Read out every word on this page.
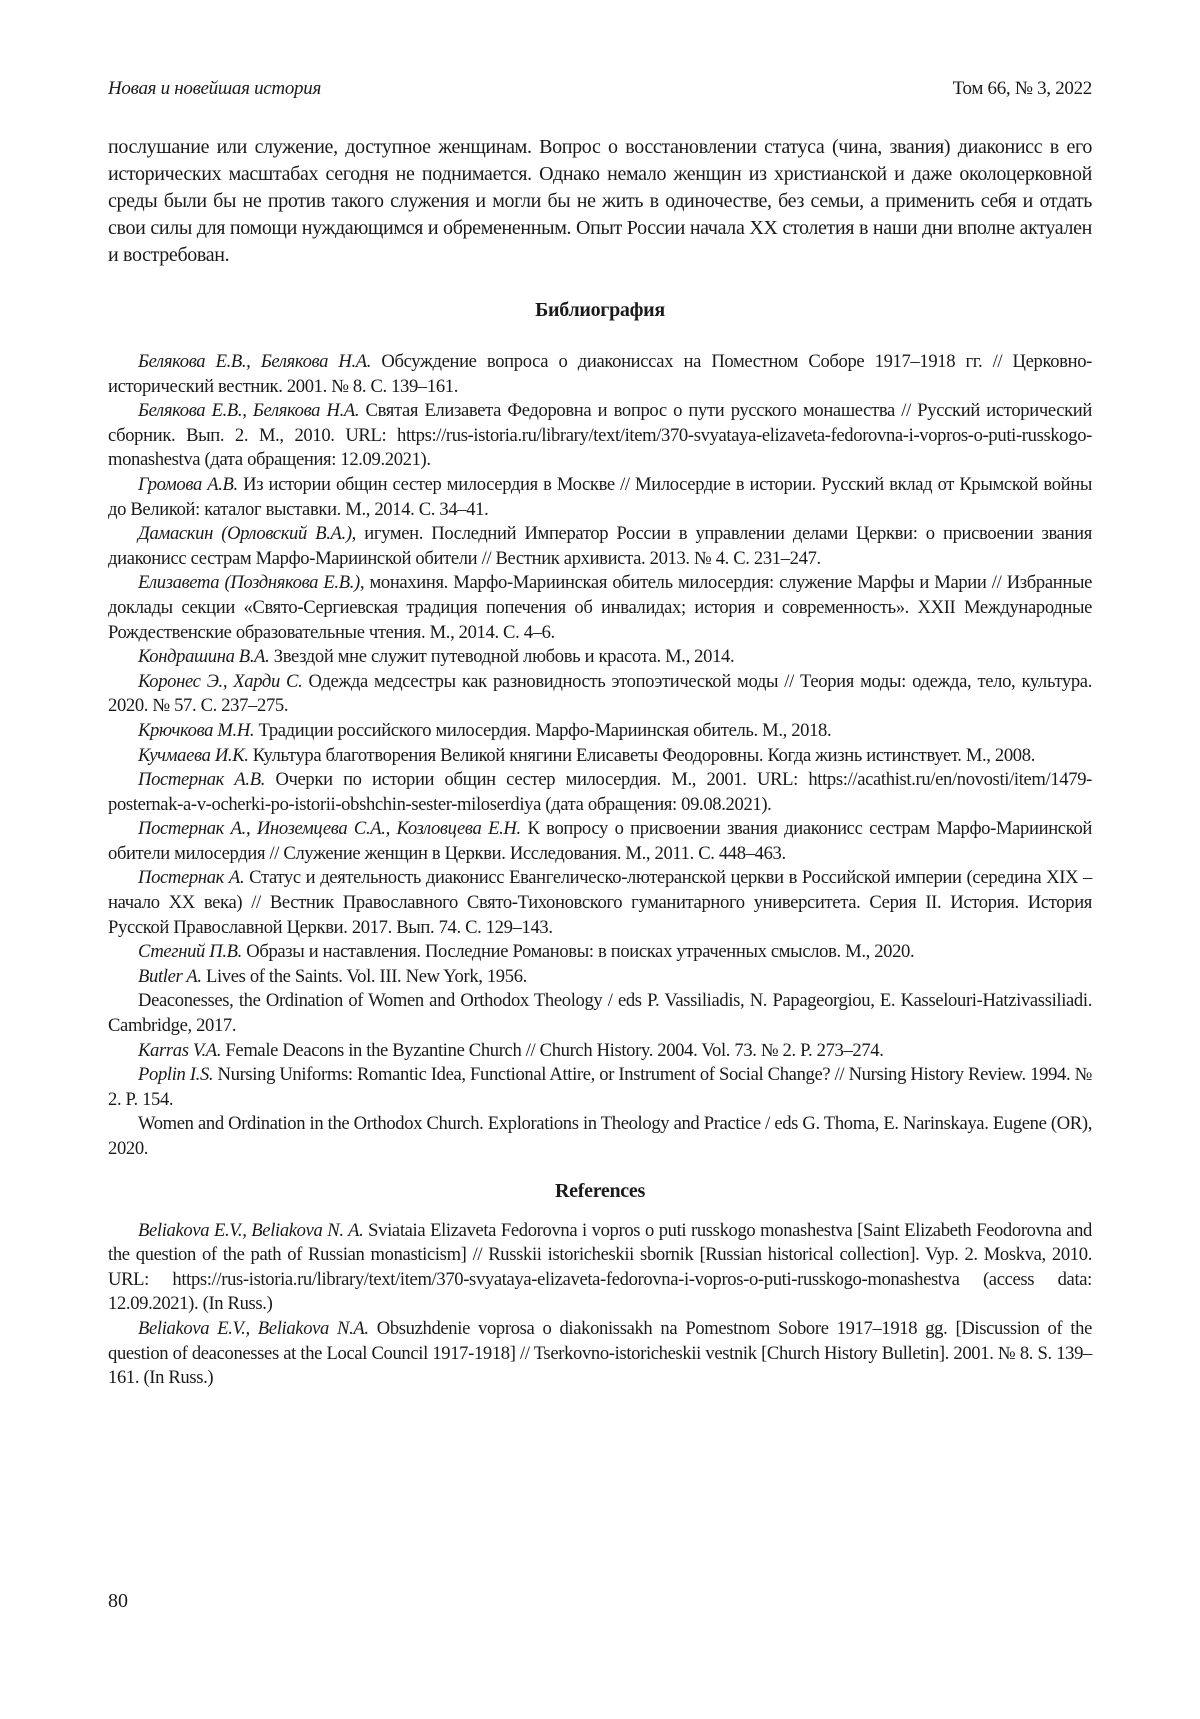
Новая и новейшая история	Том 66, № 3, 2022
послушание или служение, доступное женщинам. Вопрос о восстановлении статуса (чина, звания) диаконисс в его исторических масштабах сегодня не поднимается. Однако немало женщин из христианской и даже околоцерковной среды были бы не против такого служения и могли бы не жить в одиночестве, без семьи, а применить себя и отдать свои силы для помощи нуждающимся и обремененным. Опыт России начала XX столетия в наши дни вполне актуален и востребован.
Библиография

Белякова Е.В., Белякова Н.А. Обсуждение вопроса о диакониссах на Поместном Соборе 1917–1918 гг. // Церковно-исторический вестник. 2001. № 8. С. 139–161.

Белякова Е.В., Белякова Н.А. Святая Елизавета Федоровна и вопрос о пути русского монашества // Русский исторический сборник. Вып. 2. М., 2010. URL: https://rus-istoria.ru/library/text/item/370-svyataya-elizaveta-fedorovna-i-vopros-o-puti-russkogo-monashestva (дата обращения: 12.09.2021).

Громова А.В. Из истории общин сестер милосердия в Москве // Милосердие в истории. Русский вклад от Крымской войны до Великой: каталог выставки. М., 2014. С. 34–41.

Дамаскин (Орловский В.А.), игумен. Последний Император России в управлении делами Церкви: о присвоении звания диаконисс сестрам Марфо-Мариинской обители // Вестник архивиста. 2013. № 4. С. 231–247.

Елизавета (Позднякова Е.В.), монахиня. Марфо-Мариинская обитель милосердия: служение Марфы и Марии // Избранные доклады секции «Свято-Сергиевская традиция попечения об инвалидах; история и современность». XXII Международные Рождественские образовательные чтения. М., 2014. С. 4–6.

Кондрашина В.А. Звездой мне служит путеводной любовь и красота. М., 2014.

Коронес Э., Харди С. Одежда медсестры как разновидность этопоэтической моды // Теория моды: одежда, тело, культура. 2020. № 57. С. 237–275.

Крючкова М.Н. Традиции российского милосердия. Марфо-Мариинская обитель. М., 2018.

Кучмаева И.К. Культура благотворения Великой княгини Елисаветы Феодоровны. Когда жизнь истинствует. М., 2008.

Постернак А.В. Очерки по истории общин сестер милосердия. М., 2001. URL: https://acathist.ru/en/novosti/item/1479-posternak-a-v-ocherki-po-istorii-obshchin-sester-miloserdiya (дата обращения: 09.08.2021).

Постернак А., Иноземцева С.А., Козловцева Е.Н. К вопросу о присвоении звания диаконисс сестрам Марфо-Мариинской обители милосердия // Служение женщин в Церкви. Исследования. М., 2011. С. 448–463.

Постернак А. Статус и деятельность диаконисс Евангелическо-лютеранской церкви в Российской империи (середина XIX – начало XX века) // Вестник Православного Свято-Тихоновского гуманитарного университета. Серия II. История. История Русской Православной Церкви. 2017. Вып. 74. С. 129–143.

Стегний П.В. Образы и наставления. Последние Романовы: в поисках утраченных смыслов. М., 2020.

Butler A. Lives of the Saints. Vol. III. New York, 1956.

Deaconesses, the Ordination of Women and Orthodox Theology / eds P. Vassiliadis, N. Papageorgiou, E. Kasselouri-Hatzivassiliadi. Cambridge, 2017.

Karras V.A. Female Deacons in the Byzantine Church // Church History. 2004. Vol. 73. № 2. P. 273–274.

Poplin I.S. Nursing Uniforms: Romantic Idea, Functional Attire, or Instrument of Social Change? // Nursing History Review. 1994. № 2. P. 154.

Women and Ordination in the Orthodox Church. Explorations in Theology and Practice / eds G. Thoma, E. Narinskaya. Eugene (OR), 2020.

References

Beliakova E.V., Beliakova N. A. Sviataia Elizaveta Fedorovna i vopros o puti russkogo monashestva [Saint Elizabeth Feodorovna and the question of the path of Russian monasticism] // Russkii istoricheskii sbornik [Russian historical collection]. Vyp. 2. Moskva, 2010. URL: https://rus-istoria.ru/library/text/item/370-svyataya-elizaveta-fedorovna-i-vopros-o-puti-russkogo-monashestva (access data: 12.09.2021). (In Russ.)

Beliakova E.V., Beliakova N.A. Obsuzhdenie voprosa o diakonissakh na Pomestnom Sobore 1917–1918 gg. [Discussion of the question of deaconesses at the Local Council 1917-1918] // Tserkovno-istoricheskii vestnik [Church History Bulletin]. 2001. № 8. S. 139–161. (In Russ.)

80
